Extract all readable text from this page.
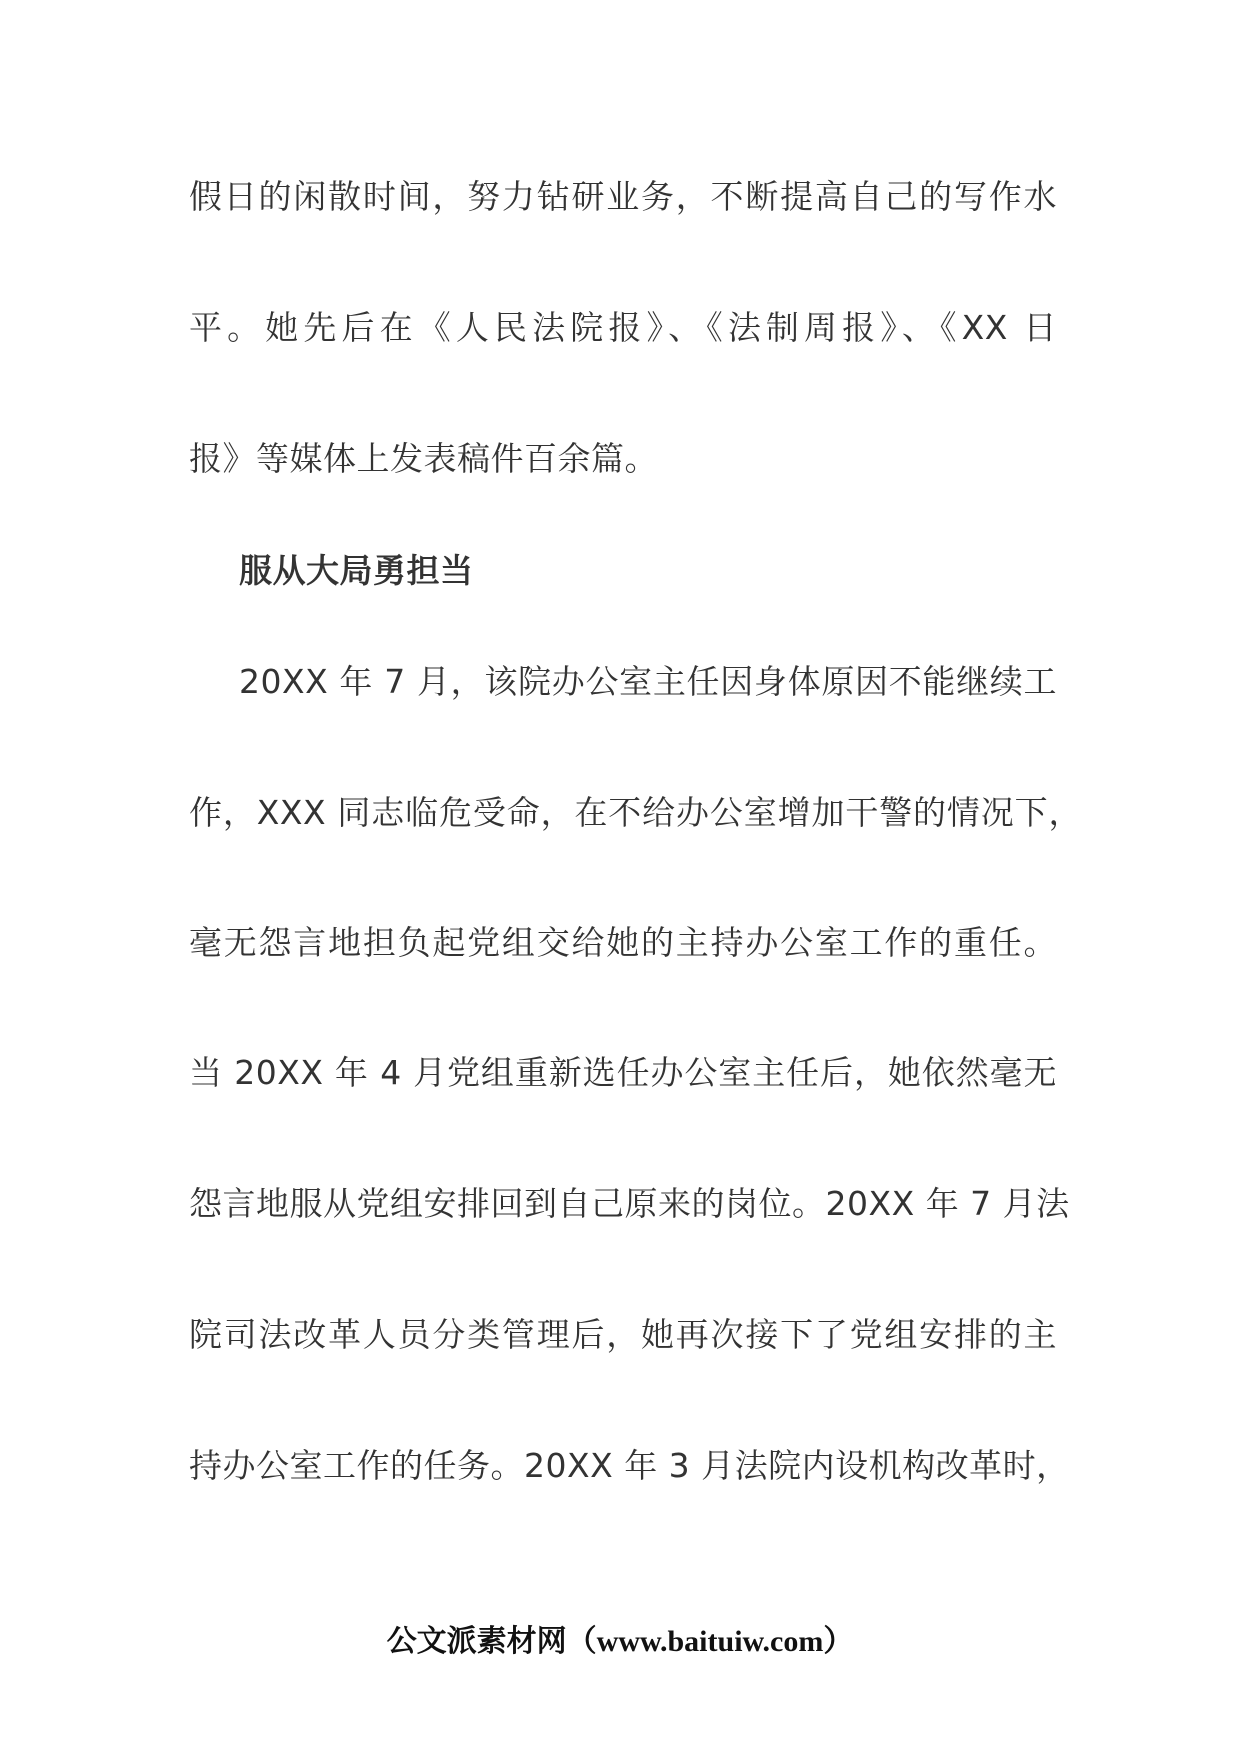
假日的闲散时间，努力钻研业务，不断提高自己的写作水
平。她先后在《人民法院报》、《法制周报》、《XX 日
报》等媒体上发表稿件百余篇。
服从大局勇担当
20XX 年 7 月，该院办公室主任因身体原因不能继续工
作，XXX 同志临危受命，在不给办公室增加干警的情况下，
毫无怨言地担负起党组交给她的主持办公室工作的重任。
当 20XX 年 4 月党组重新选任办公室主任后，她依然毫无
怨言地服从党组安排回到自己原来的岗位。20XX 年 7 月法
院司法改革人员分类管理后，她再次接下了党组安排的主
持办公室工作的任务。20XX 年 3 月法院内设机构改革时，
公文派素材网（www.baituiw.com）
